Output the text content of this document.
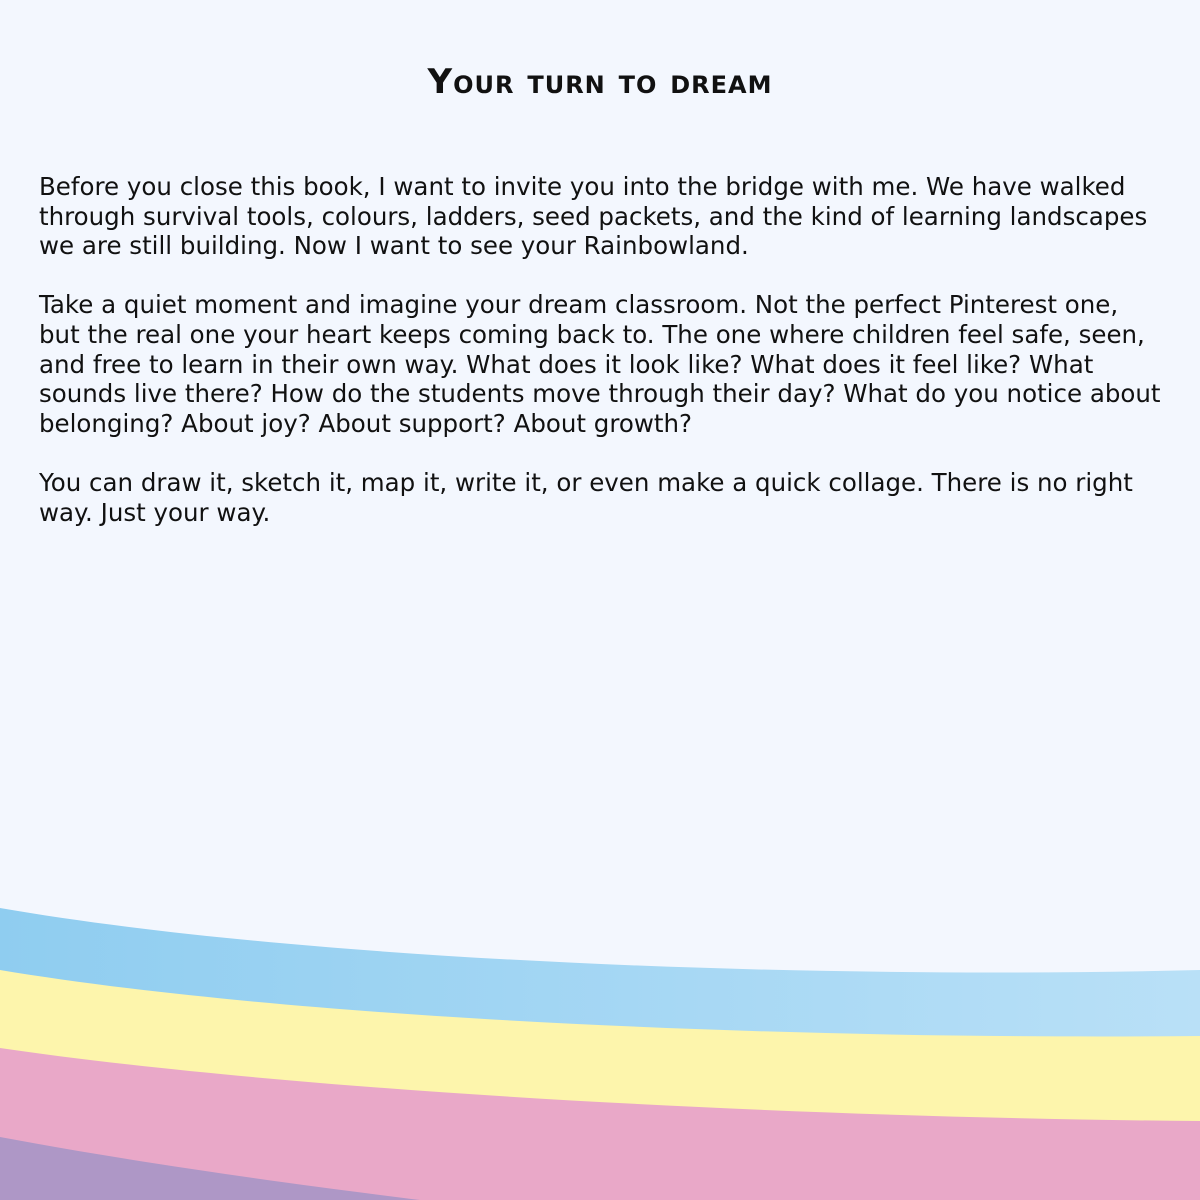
Your turn to dream

Before you close this book, I want to invite you into the bridge with me. We have walked through survival tools, colours, ladders, seed packets, and the kind of learning landscapes we are still building. Now I want to see your Rainbowland.

Take a quiet moment and imagine your dream classroom. Not the perfect Pinterest one, but the real one your heart keeps coming back to. The one where children feel safe, seen, and free to learn in their own way. What does it look like? What does it feel like? What sounds live there? How do the students move through their day? What do you notice about belonging? About joy? About support? About growth?

You can draw it, sketch it, map it, write it, or even make a quick collage. There is no right way. Just your way.
